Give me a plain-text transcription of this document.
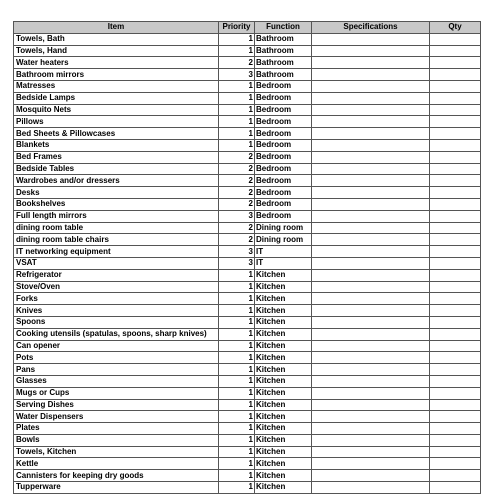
Item	Priority	Function	Specifications	Qty
Towels, Bath	1	Bathroom		
Towels, Hand	1	Bathroom		
Water heaters	2	Bathroom		
Bathroom mirrors	3	Bathroom		
Matresses	1	Bedroom		
Bedside Lamps	1	Bedroom		
Mosquito Nets	1	Bedroom		
Pillows	1	Bedroom		
Bed Sheets & Pillowcases	1	Bedroom		
Blankets	1	Bedroom		
Bed Frames	2	Bedroom		
Bedside Tables	2	Bedroom		
Wardrobes and/or dressers	2	Bedroom		
Desks	2	Bedroom		
Bookshelves	2	Bedroom		
Full length mirrors	3	Bedroom		
dining room table	2	Dining room		
dining room table chairs	2	Dining room		
IT networking equipment	3	IT		
VSAT	3	IT		
Refrigerator	1	Kitchen		
Stove/Oven	1	Kitchen		
Forks	1	Kitchen		
Knives	1	Kitchen		
Spoons	1	Kitchen		
Cooking utensils (spatulas, spoons, sharp knives)	1	Kitchen		
Can opener	1	Kitchen		
Pots	1	Kitchen		
Pans	1	Kitchen		
Glasses	1	Kitchen		
Mugs or Cups	1	Kitchen		
Serving Dishes	1	Kitchen		
Water Dispensers	1	Kitchen		
Plates	1	Kitchen		
Bowls	1	Kitchen		
Towels, Kitchen	1	Kitchen		
Kettle	1	Kitchen		
Cannisters for keeping dry goods	1	Kitchen		
Tupperware	1	Kitchen		
